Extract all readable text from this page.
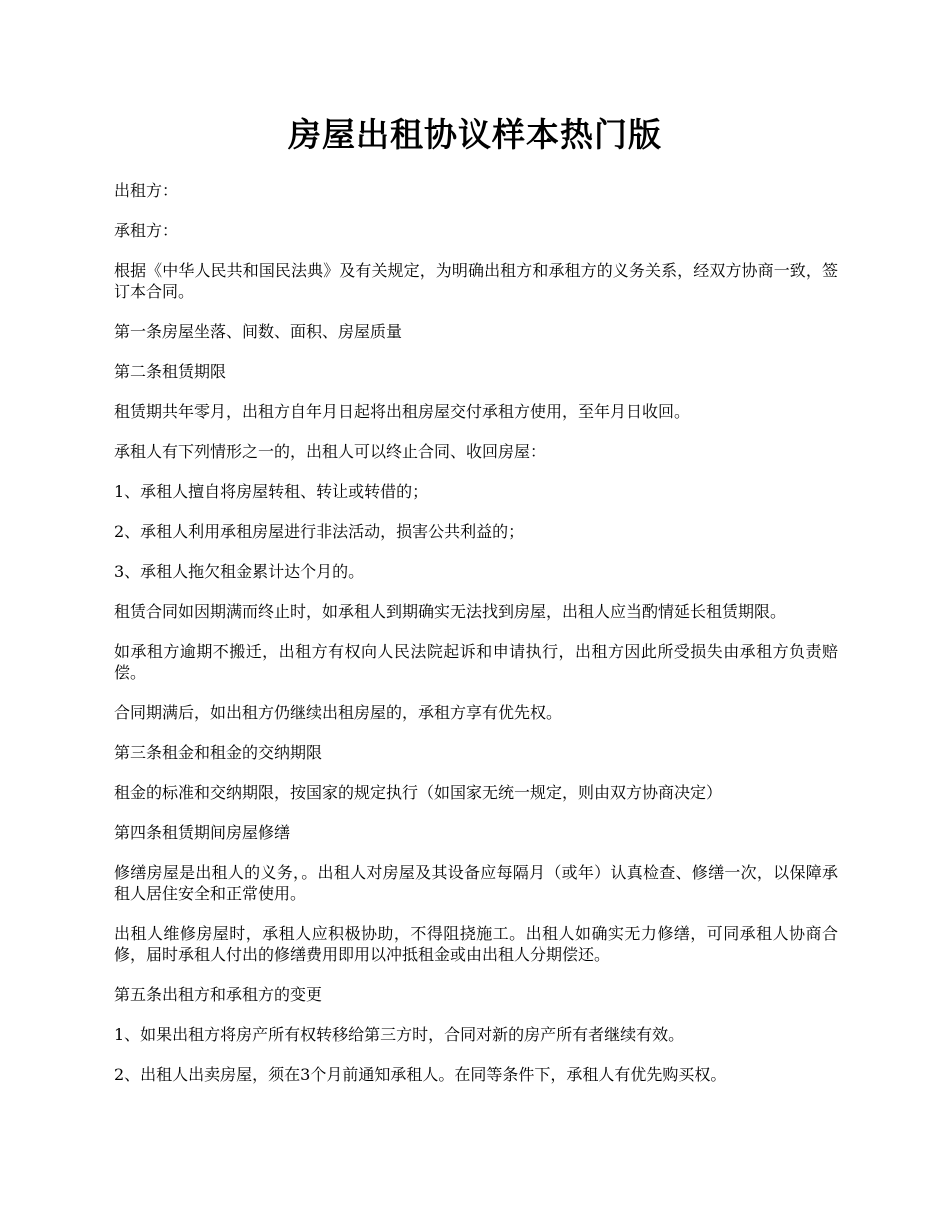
房屋出租协议样本热门版

出租方：

承租方：

根据《中华人民共和国民法典》及有关规定，为明确出租方和承租方的义务关系，经双方协商一致，签订本合同。

第一条房屋坐落、间数、面积、房屋质量

第二条租赁期限

租赁期共年零月，出租方自年月日起将出租房屋交付承租方使用，至年月日收回。

承租人有下列情形之一的，出租人可以终止合同、收回房屋：

1、承租人擅自将房屋转租、转让或转借的；

2、承租人利用承租房屋进行非法活动，损害公共利益的；

3、承租人拖欠租金累计达个月的。

租赁合同如因期满而终止时，如承租人到期确实无法找到房屋，出租人应当酌情延长租赁期限。

如承租方逾期不搬迁，出租方有权向人民法院起诉和申请执行，出租方因此所受损失由承租方负责赔偿。

合同期满后，如出租方仍继续出租房屋的，承租方享有优先权。

第三条租金和租金的交纳期限

租金的标准和交纳期限，按国家的规定执行（如国家无统一规定，则由双方协商决定）

第四条租赁期间房屋修缮

修缮房屋是出租人的义务，。出租人对房屋及其设备应每隔月（或年）认真检查、修缮一次，以保障承租人居住安全和正常使用。

出租人维修房屋时，承租人应积极协助，不得阻挠施工。出租人如确实无力修缮，可同承租人协商合修，届时承租人付出的修缮费用即用以冲抵租金或由出租人分期偿还。

第五条出租方和承租方的变更

1、如果出租方将房产所有权转移给第三方时，合同对新的房产所有者继续有效。

2、出租人出卖房屋，须在3个月前通知承租人。在同等条件下，承租人有优先购买权。
